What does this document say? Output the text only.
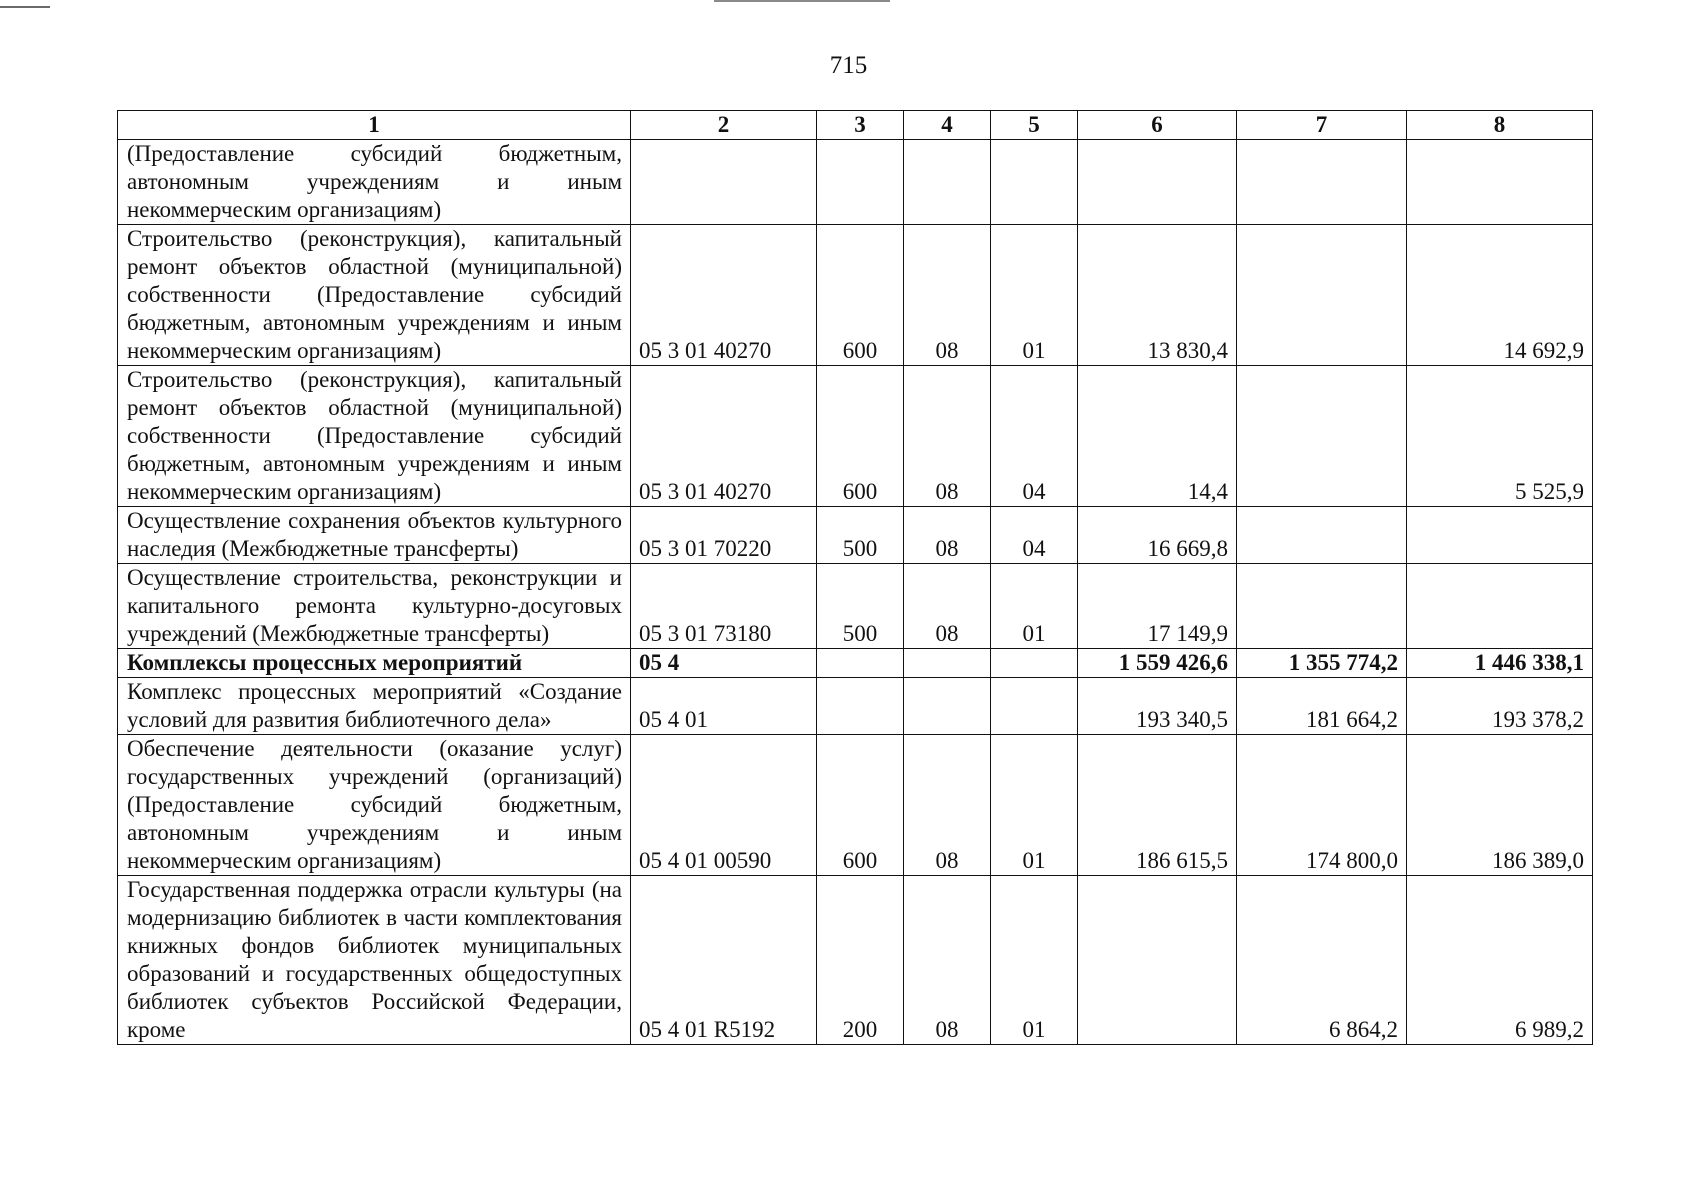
715
1	2	3	4	5	6	7	8
(Предоставление субсидий бюджетным, автономным учреждениям и иным некоммерческим организациям)							
Строительство (реконструкция), капитальный ремонт объектов областной (муниципальной) собственности (Предоставление субсидий бюджетным, автономным учреждениям и иным некоммерческим организациям)	05 3 01 40270	600	08	01	13 830,4		14 692,9
Строительство (реконструкция), капитальный ремонт объектов областной (муниципальной) собственности (Предоставление субсидий бюджетным, автономным учреждениям и иным некоммерческим организациям)	05 3 01 40270	600	08	04	14,4		5 525,9
Осуществление сохранения объектов культурного наследия (Межбюджетные трансферты)	05 3 01 70220	500	08	04	16 669,8		
Осуществление строительства, реконструкции и капитального ремонта культурно-досуговых учреждений (Межбюджетные трансферты)	05 3 01 73180	500	08	01	17 149,9		
Комплексы процессных мероприятий	05 4				1 559 426,6	1 355 774,2	1 446 338,1
Комплекс процессных мероприятий «Создание условий для развития библиотечного дела»	05 4 01				193 340,5	181 664,2	193 378,2
Обеспечение деятельности (оказание услуг) государственных учреждений (организаций) (Предоставление субсидий бюджетным, автономным учреждениям и иным некоммерческим организациям)	05 4 01 00590	600	08	01	186 615,5	174 800,0	186 389,0
Государственная поддержка отрасли культуры (на модернизацию библиотек в части комплектования книжных фондов библиотек муниципальных образований и государственных общедоступных библиотек субъектов Российской Федерации, кроме	05 4 01 R5192	200	08	01		6 864,2	6 989,2
